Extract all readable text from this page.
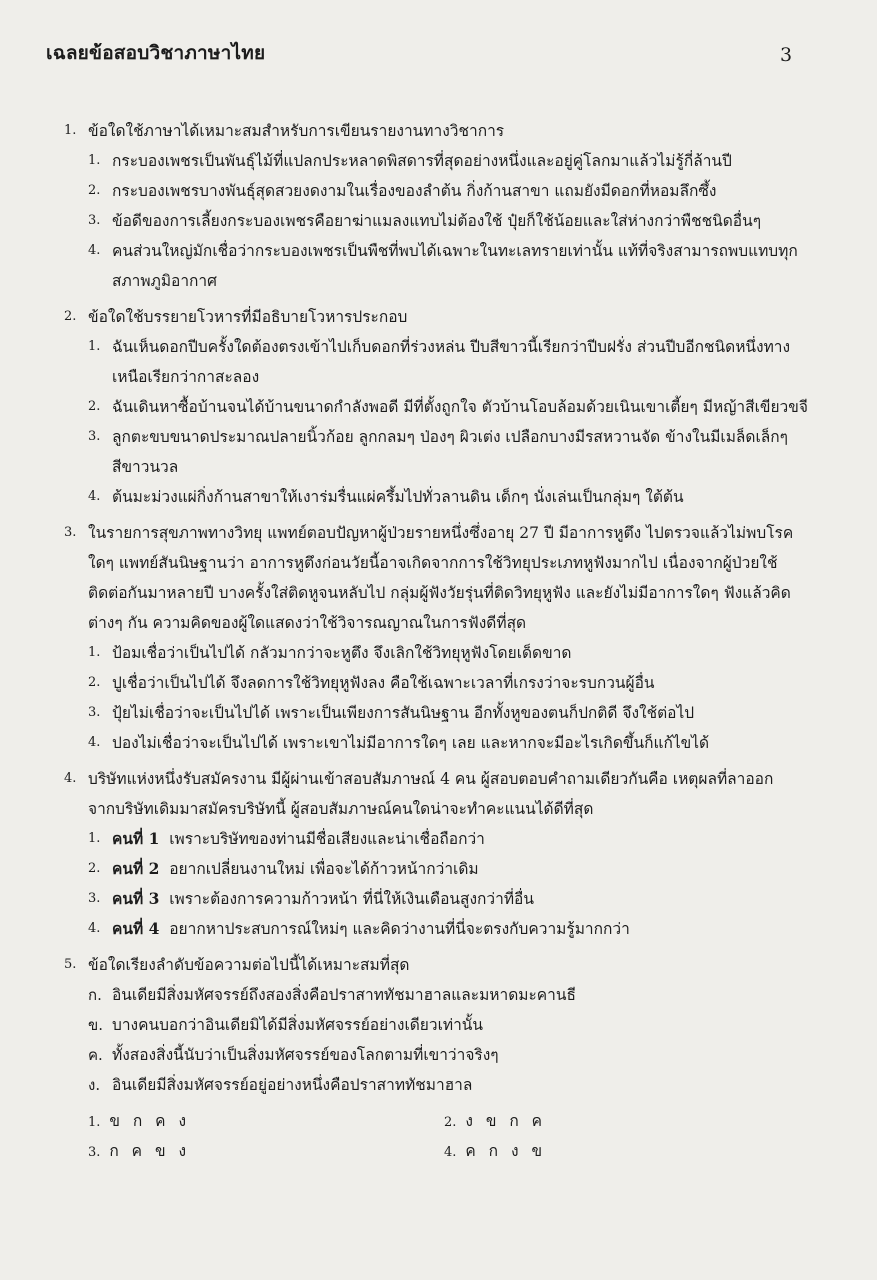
เฉลยข้อสอบวิชาภาษาไทย	3
1. ข้อใดใช้ภาษาได้เหมาะสมสำหรับการเขียนรายงานทางวิชาการ
1. กระบองเพชรเป็นพันธุ์ไม้ที่แปลกประหลาดพิสดารที่สุดอย่างหนึ่งและอยู่คู่โลกมาแล้วไม่รู้กี่ล้านปี
2. กระบองเพชรบางพันธุ์สุดสวยงดงามในเรื่องของลำต้น กิ่งก้านสาขา แถมยังมีดอกที่หอมลึกซึ้ง
3. ข้อดีของการเลี้ยงกระบองเพชรคือยาฆ่าแมลงแทบไม่ต้องใช้ ปุ๋ยก็ใช้น้อยและใส่ห่างกว่าพืชชนิดอื่นๆ
4. คนส่วนใหญ่มักเชื่อว่ากระบองเพชรเป็นพืชที่พบได้เฉพาะในทะเลทรายเท่านั้น แท้ที่จริงสามารถพบแทบทุก
สภาพภูมิอากาศ
2. ข้อใดใช้บรรยายโวหารที่มีอธิบายโวหารประกอบ
1. ฉันเห็นดอกปีบครั้งใดต้องตรงเข้าไปเก็บดอกที่ร่วงหล่น ปีบสีขาวนี้เรียกว่าปีบฝรั่ง ส่วนปีบอีกชนิดหนึ่งทาง
เหนือเรียกว่ากาสะลอง
2. ฉันเดินหาซื้อบ้านจนได้บ้านขนาดกำลังพอดี มีที่ตั้งถูกใจ ตัวบ้านโอบล้อมด้วยเนินเขาเตี้ยๆ มีหญ้าสีเขียวขจี
3. ลูกตะขบขนาดประมาณปลายนิ้วก้อย ลูกกลมๆ ป่องๆ ผิวเต่ง เปลือกบางมีรสหวานจัด ข้างในมีเมล็ดเล็กๆ
สีขาวนวล
4. ต้นมะม่วงแผ่กิ่งก้านสาขาให้เงาร่มรื่นแผ่ครึ้มไปทั่วลานดิน เด็กๆ นั่งเล่นเป็นกลุ่มๆ ใต้ต้น
3. ในรายการสุขภาพทางวิทยุ แพทย์ตอบปัญหาผู้ป่วยรายหนึ่งซึ่งอายุ 27 ปี มีอาการหูตึง ไปตรวจแล้วไม่พบโรค
ใดๆ แพทย์สันนิษฐานว่า อาการหูตึงก่อนวัยนี้อาจเกิดจากการใช้วิทยุประเภทหูฟังมากไป เนื่องจากผู้ป่วยใช้
ติดต่อกันมาหลายปี บางครั้งใส่ติดหูจนหลับไป กลุ่มผู้ฟังวัยรุ่นที่ติดวิทยุหูฟัง และยังไม่มีอาการใดๆ ฟังแล้วคิด
ต่างๆ กัน ความคิดของผู้ใดแสดงว่าใช้วิจารณญาณในการฟังดีที่สุด
1. ป้อมเชื่อว่าเป็นไปได้ กลัวมากว่าจะหูตึง จึงเลิกใช้วิทยุหูฟังโดยเด็ดขาด
2. ปูเชื่อว่าเป็นไปได้ จึงลดการใช้วิทยุหูฟังลง คือใช้เฉพาะเวลาที่เกรงว่าจะรบกวนผู้อื่น
3. ปุ้ยไม่เชื่อว่าจะเป็นไปได้ เพราะเป็นเพียงการสันนิษฐาน อีกทั้งหูของตนก็ปกติดี จึงใช้ต่อไป
4. ปองไม่เชื่อว่าจะเป็นไปได้ เพราะเขาไม่มีอาการใดๆ เลย และหากจะมีอะไรเกิดขึ้นก็แก้ไขได้
4. บริษัทแห่งหนึ่งรับสมัครงาน มีผู้ผ่านเข้าสอบสัมภาษณ์ 4 คน ผู้สอบตอบคำถามเดียวกันคือ เหตุผลที่ลาออก
จากบริษัทเดิมมาสมัครบริษัทนี้ ผู้สอบสัมภาษณ์คนใดน่าจะทำคะแนนได้ดีที่สุด
1. คนที่ 1 เพราะบริษัทของท่านมีชื่อเสียงและน่าเชื่อถือกว่า
2. คนที่ 2 อยากเปลี่ยนงานใหม่ เพื่อจะได้ก้าวหน้ากว่าเดิม
3. คนที่ 3 เพราะต้องการความก้าวหน้า ที่นี่ให้เงินเดือนสูงกว่าที่อื่น
4. คนที่ 4 อยากหาประสบการณ์ใหม่ๆ และคิดว่างานที่นี่จะตรงกับความรู้มากกว่า
5. ข้อใดเรียงลำดับข้อความต่อไปนี้ได้เหมาะสมที่สุด
ก. อินเดียมีสิ่งมหัศจรรย์ถึงสองสิ่งคือปราสาททัชมาฮาลและมหาดมะคานธี
ข. บางคนบอกว่าอินเดียมิได้มีสิ่งมหัศจรรย์อย่างเดียวเท่านั้น
ค. ทั้งสองสิ่งนี้นับว่าเป็นสิ่งมหัศจรรย์ของโลกตามที่เขาว่าจริงๆ
ง. อินเดียมีสิ่งมหัศจรรย์อยู่อย่างหนึ่งคือปราสาททัชมาฮาล
1. ข ก ค ง	2. ง ข ก ค
3. ก ค ข ง	4. ค ก ง ข
